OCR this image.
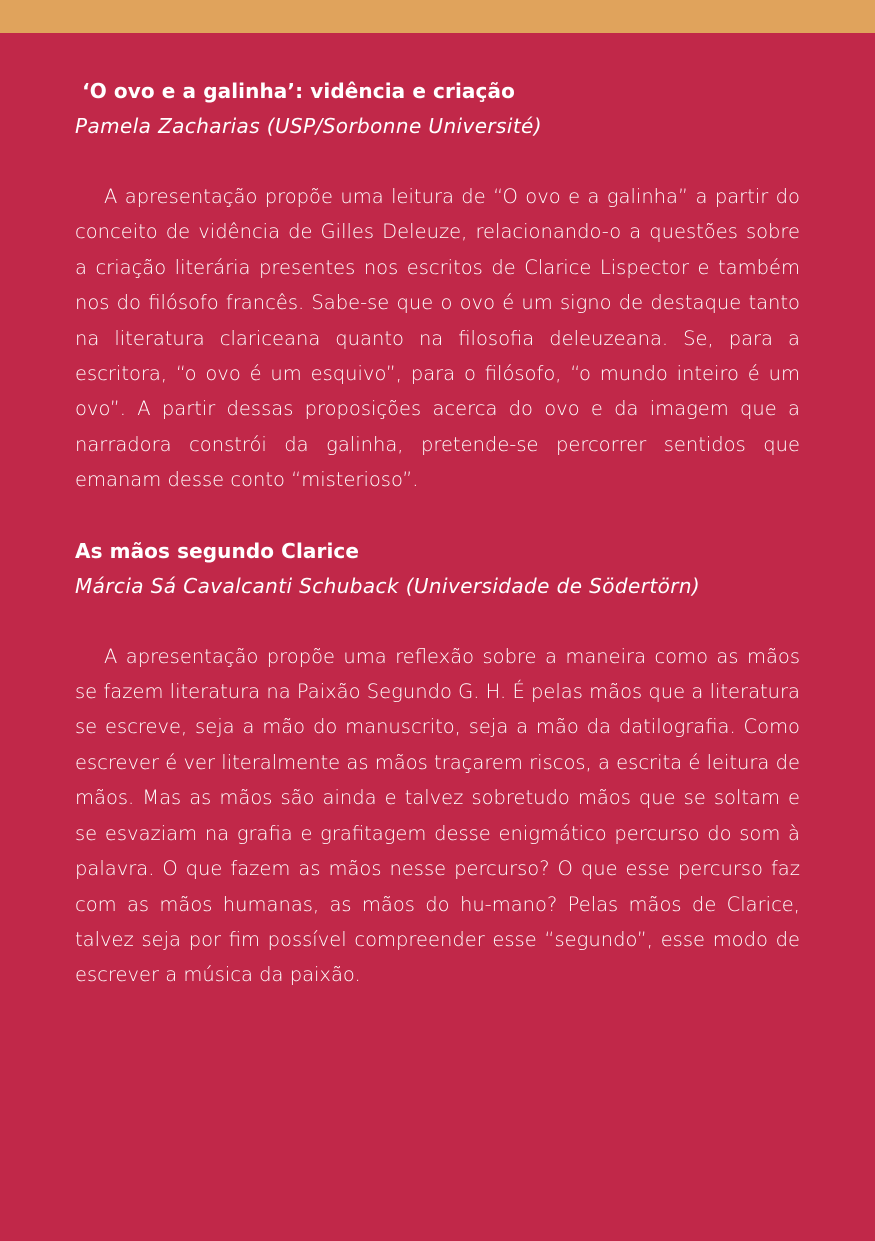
‘O ovo e a galinha’: vidência e criação

Pamela Zacharias (USP/Sorbonne Université)

A apresentação propõe uma leitura de “O ovo e a galinha” a partir do conceito de vidência de Gilles Deleuze, relacionando-o a questões sobre a criação literária presentes nos escritos de Clarice Lispector e também nos do filósofo francês. Sabe-se que o ovo é um signo de destaque tanto na literatura clariceana quanto na filosofia deleuzeana. Se, para a escritora, “o ovo é um esquivo”, para o filósofo, “o mundo inteiro é um ovo”. A partir dessas proposições acerca do ovo e da imagem que a narradora constrói da galinha, pretende-se percorrer sentidos que emanam desse conto “misterioso”.

As mãos segundo Clarice

Márcia Sá Cavalcanti Schuback (Universidade de Södertörn)

A apresentação propõe uma reflexão sobre a maneira como as mãos se fazem literatura na Paixão Segundo G. H. É pelas mãos que a literatura se escreve, seja a mão do manuscrito, seja a mão da datilografia. Como escrever é ver literalmente as mãos traçarem riscos, a escrita é leitura de mãos. Mas as mãos são ainda e talvez sobretudo mãos que se soltam e se esvaziam na grafia e grafitagem desse enigmático percurso do som à palavra. O que fazem as mãos nesse percurso? O que esse percurso faz com as mãos humanas, as mãos do hu-mano? Pelas mãos de Clarice, talvez seja por fim possível compreender esse “segundo”, esse modo de escrever a música da paixão.
